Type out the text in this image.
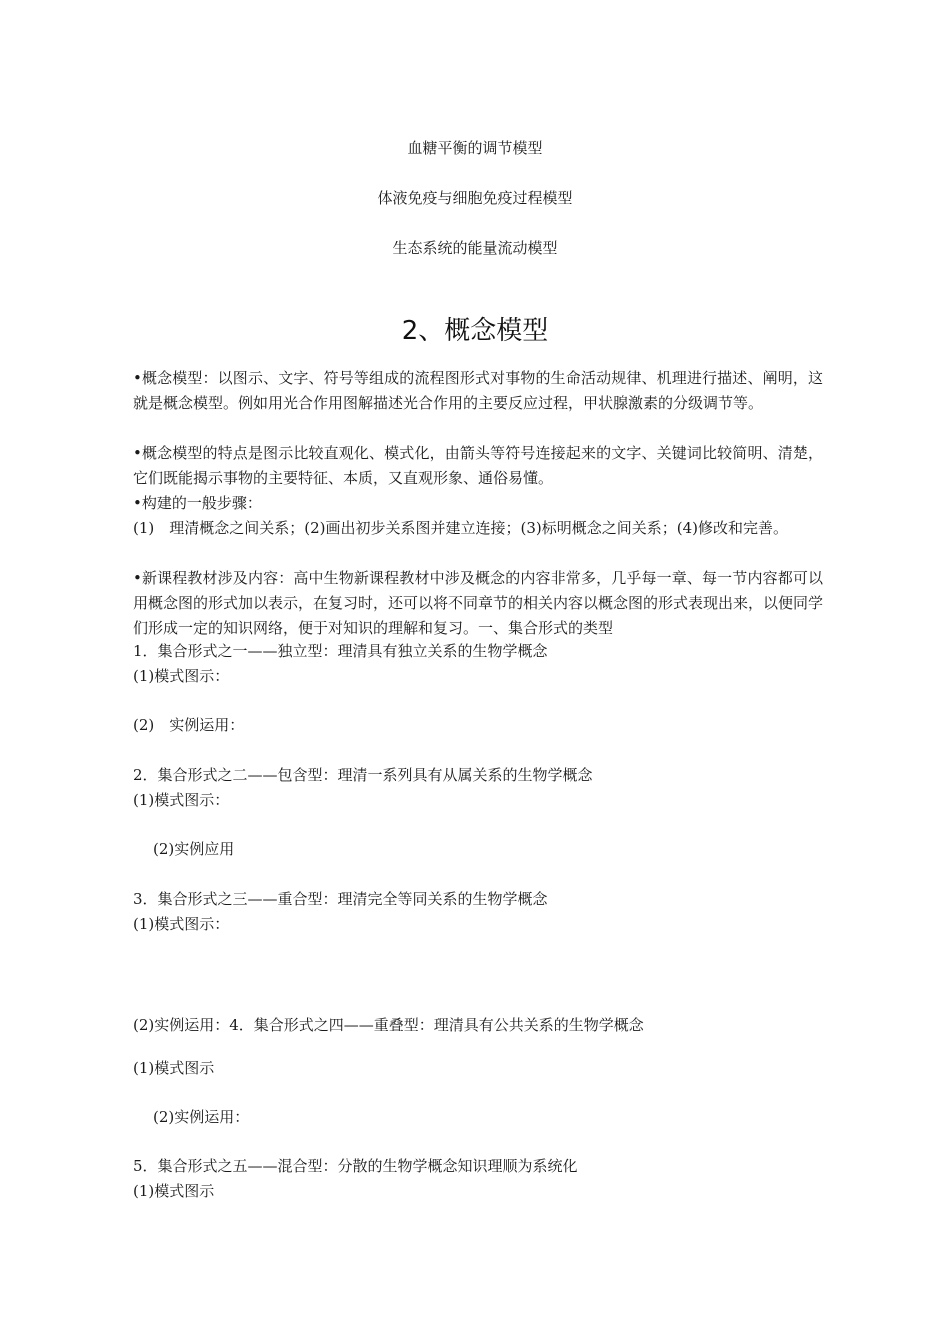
血糖平衡的调节模型
体液免疫与细胞免疫过程模型
生态系统的能量流动模型
2、概念模型
•概念模型：以图示、文字、符号等组成的流程图形式对事物的生命活动规律、机理进行描述、阐明，这就是概念模型。例如用光合作用图解描述光合作用的主要反应过程，甲状腺激素的分级调节等。
•概念模型的特点是图示比较直观化、模式化，由箭头等符号连接起来的文字、关键词比较简明、清楚，它们既能揭示事物的主要特征、本质，又直观形象、通俗易懂。
•构建的一般步骤：
(1)　理清概念之间关系；(2)画出初步关系图并建立连接；(3)标明概念之间关系；(4)修改和完善。
•新课程教材涉及内容：高中生物新课程教材中涉及概念的内容非常多，几乎每一章、每一节内容都可以用概念图的形式加以表示，在复习时，还可以将不同章节的相关内容以概念图的形式表现出来，以便同学们形成一定的知识网络，便于对知识的理解和复习。一、集合形式的类型
1．集合形式之一——独立型：理清具有独立关系的生物学概念
(1)模式图示：
(2)　实例运用：
2．集合形式之二——包含型：理清一系列具有从属关系的生物学概念
(1)模式图示：
(2)实例应用
3．集合形式之三——重合型：理清完全等同关系的生物学概念
(1)模式图示：
(2)实例运用：4．集合形式之四——重叠型：理清具有公共关系的生物学概念
(1)模式图示
(2)实例运用：
5．集合形式之五——混合型：分散的生物学概念知识理顺为系统化
(1)模式图示
